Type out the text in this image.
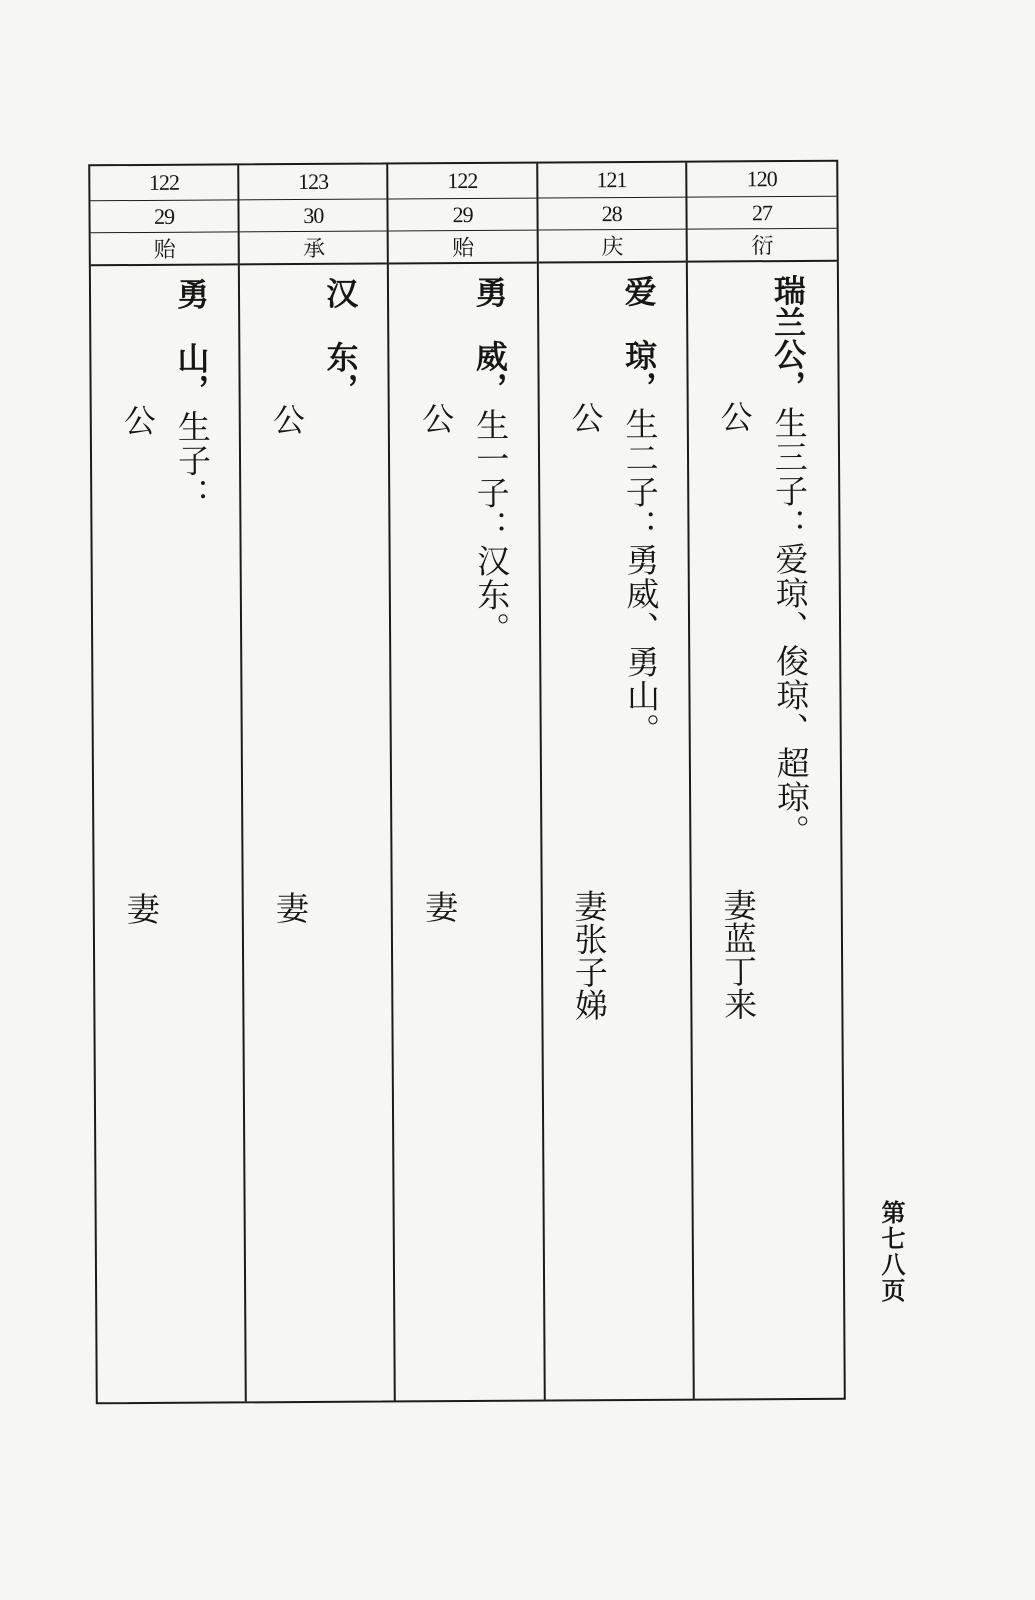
122
29
贻
勇　山，
生子：
公
妻
123
30
承
汉　东，
公
妻
122
29
贻
勇　威，
生一子：汉东。
公
妻
121
28
庆
爱　琼，
生二子：勇威、勇山。
公
妻张子娣
120
27
衍
瑞兰公，
生三子：爱琼、俊琼、超琼。
公
妻蓝丁来
第七八页
